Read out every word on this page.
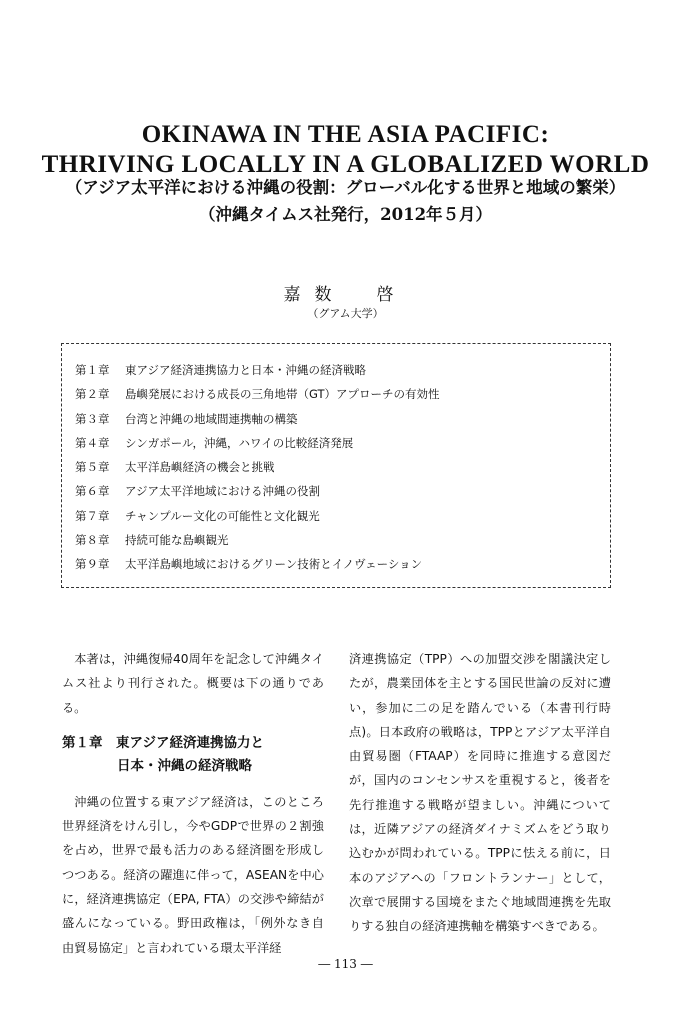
OKINAWA IN THE ASIA PACIFIC:
THRIVING LOCALLY IN A GLOBALIZED WORLD
（アジア太平洋における沖縄の役割：グローバル化する世界と地域の繁栄）
（沖縄タイムス社発行，2012年５月）
嘉数　啓
（グアム大学）
第１章 東アジア経済連携協力と日本・沖縄の経済戦略
第２章 島嶼発展における成長の三角地帯（GT）アプローチの有効性
第３章 台湾と沖縄の地域間連携軸の構築
第４章 シンガポール，沖縄，ハワイの比較経済発展
第５章 太平洋島嶼経済の機会と挑戦
第６章 アジア太平洋地域における沖縄の役割
第７章 チャンプルー文化の可能性と文化観光
第８章 持続可能な島嶼観光
第９章 太平洋島嶼地域におけるグリーン技術とイノヴェーション

本著は，沖縄復帰40周年を記念して沖縄タイムス社より刊行された。概要は下の通りである。

第１章　東アジア経済連携協力と
日本・沖縄の経済戦略

沖縄の位置する東アジア経済は，このところ世界経済をけん引し，今やGDPで世界の２割強を占め，世界で最も活力のある経済圏を形成しつつある。経済の躍進に伴って，ASEANを中心に，経済連携協定（EPA, FTA）の交渉や締結が盛んになっている。野田政権は，「例外なき自由貿易協定」と言われている環太平洋経

済連携協定（TPP）への加盟交渉を閣議決定したが，農業団体を主とする国民世論の反対に遭い，参加に二の足を踏んでいる（本書刊行時点)。日本政府の戦略は，TPPとアジア太平洋自由貿易圏（FTAAP）を同時に推進する意図だが，国内のコンセンサスを重視すると，後者を先行推進する戦略が望ましい。沖縄については，近隣アジアの経済ダイナミズムをどう取り込むかが問われている。TPPに怯える前に，日本のアジアへの「フロントランナー」として，次章で展開する国境をまたぐ地域間連携を先取りする独自の経済連携軸を構築すべきである。

― 113 ―
